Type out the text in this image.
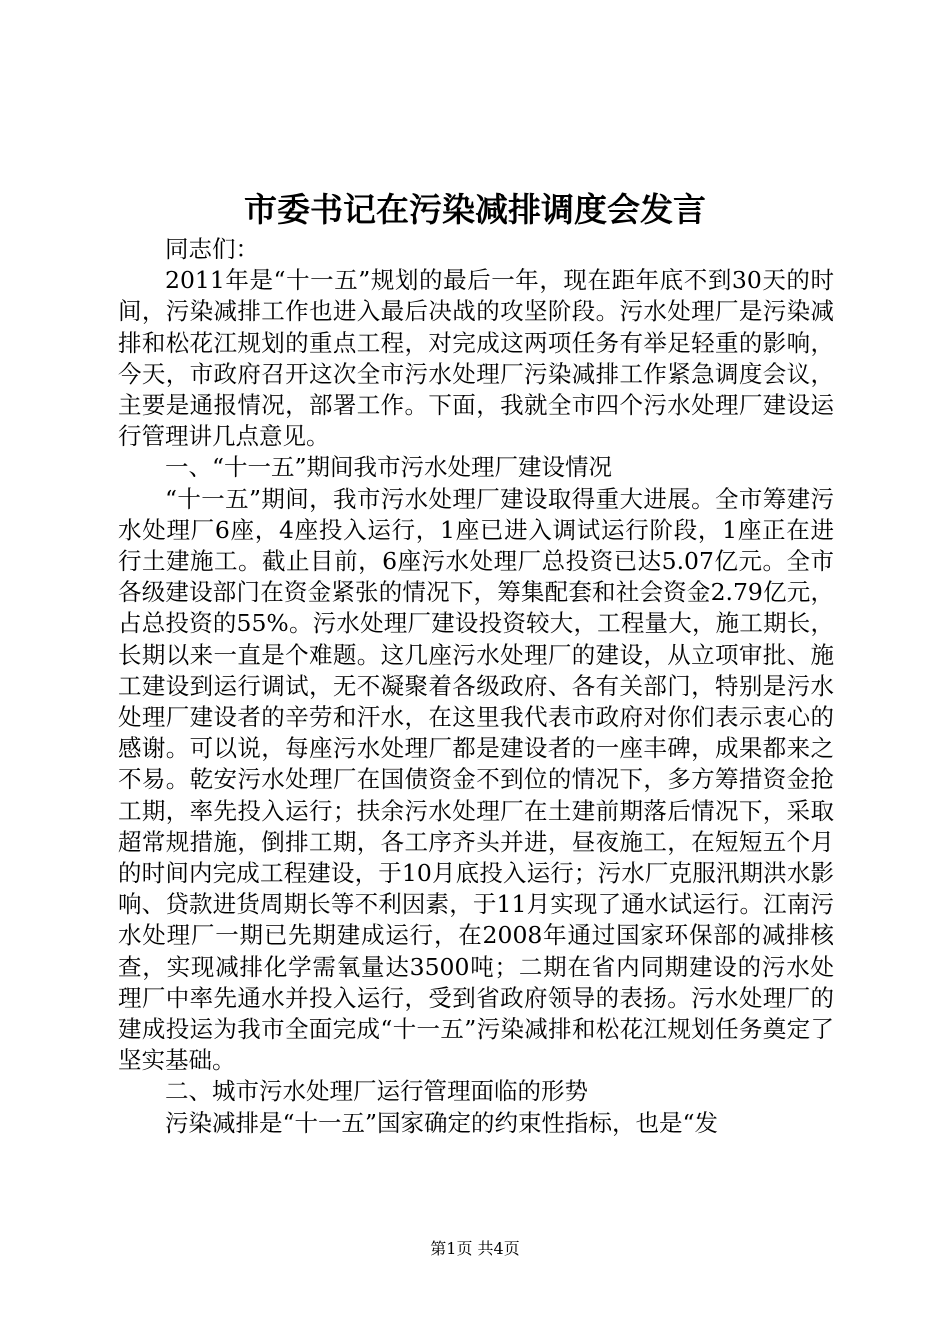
市委书记在污染减排调度会发言

同志们：

2011年是“十一五”规划的最后一年，现在距年底不到30天的时间，污染减排工作也进入最后决战的攻坚阶段。污水处理厂是污染减排和松花江规划的重点工程，对完成这两项任务有举足轻重的影响，今天，市政府召开这次全市污水处理厂污染减排工作紧急调度会议，主要是通报情况，部署工作。下面，我就全市四个污水处理厂建设运行管理讲几点意见。

一、“十一五”期间我市污水处理厂建设情况

“十一五”期间，我市污水处理厂建设取得重大进展。全市筹建污水处理厂6座，4座投入运行，1座已进入调试运行阶段，1座正在进行土建施工。截止目前，6座污水处理厂总投资已达5.07亿元。全市各级建设部门在资金紧张的情况下，筹集配套和社会资金2.79亿元，占总投资的55%。污水处理厂建设投资较大，工程量大，施工期长，长期以来一直是个难题。这几座污水处理厂的建设，从立项审批、施工建设到运行调试，无不凝聚着各级政府、各有关部门，特别是污水处理厂建设者的辛劳和汗水，在这里我代表市政府对你们表示衷心的感谢。可以说，每座污水处理厂都是建设者的一座丰碑，成果都来之不易。乾安污水处理厂在国债资金不到位的情况下，多方筹措资金抢工期，率先投入运行；扶余污水处理厂在土建前期落后情况下，采取超常规措施，倒排工期，各工序齐头并进，昼夜施工，在短短五个月的时间内完成工程建设，于10月底投入运行；污水厂克服汛期洪水影响、贷款进货周期长等不利因素，于11月实现了通水试运行。江南污水处理厂一期已先期建成运行，在2008年通过国家环保部的减排核查，实现减排化学需氧量达3500吨；二期在省内同期建设的污水处理厂中率先通水并投入运行，受到省政府领导的表扬。污水处理厂的建成投运为我市全面完成“十一五”污染减排和松花江规划任务奠定了坚实基础。

二、城市污水处理厂运行管理面临的形势

污染减排是“十一五”国家确定的约束性指标，也是“发

第1页 共4页
